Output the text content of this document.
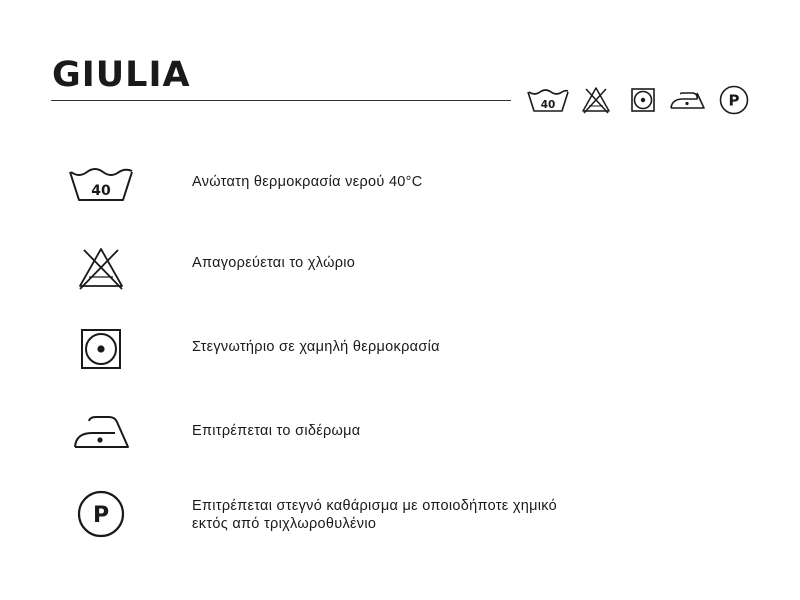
GIULIA
40	P
40

Ανώτατη θερμοκρασία νερού 40°C

Απαγορεύεται το χλώριο

Στεγνωτήριο σε χαμηλή θερμοκρασία

Επιτρέπεται το σιδέρωμα

P	Επιτρέπεται στεγνό καθάρισμα με οποιοδήποτε χημικό
εκτός από τριχλωροθυλένιο
